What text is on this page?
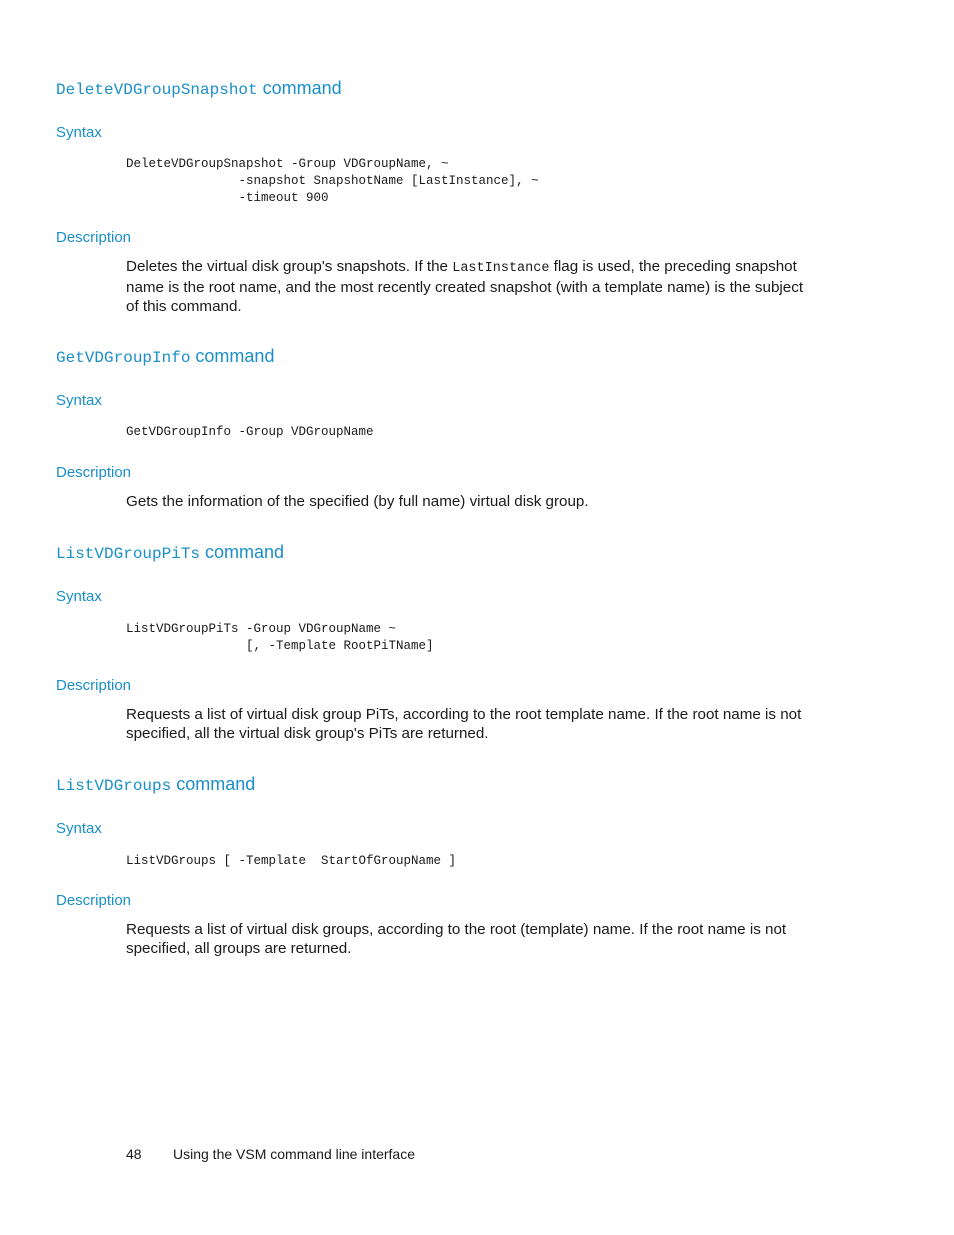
DeleteVDGroupSnapshot command
Syntax
DeleteVDGroupSnapshot -Group VDGroupName, ~
-snapshot SnapshotName [LastInstance], ~
-timeout 900
Description
Deletes the virtual disk group's snapshots. If the LastInstance flag is used, the preceding snapshot name is the root name, and the most recently created snapshot (with a template name) is the subject of this command.
GetVDGroupInfo command
Syntax
GetVDGroupInfo -Group VDGroupName
Description
Gets the information of the specified (by full name) virtual disk group.
ListVDGroupPiTs command
Syntax
ListVDGroupPiTs -Group VDGroupName ~
[, -Template RootPiTName]
Description
Requests a list of virtual disk group PiTs, according to the root template name. If the root name is not specified, all the virtual disk group's PiTs are returned.
ListVDGroups command
Syntax
ListVDGroups [ -Template  StartOfGroupName ]
Description
Requests a list of virtual disk groups, according to the root (template) name. If the root name is not specified, all groups are returned.
48 Using the VSM command line interface
